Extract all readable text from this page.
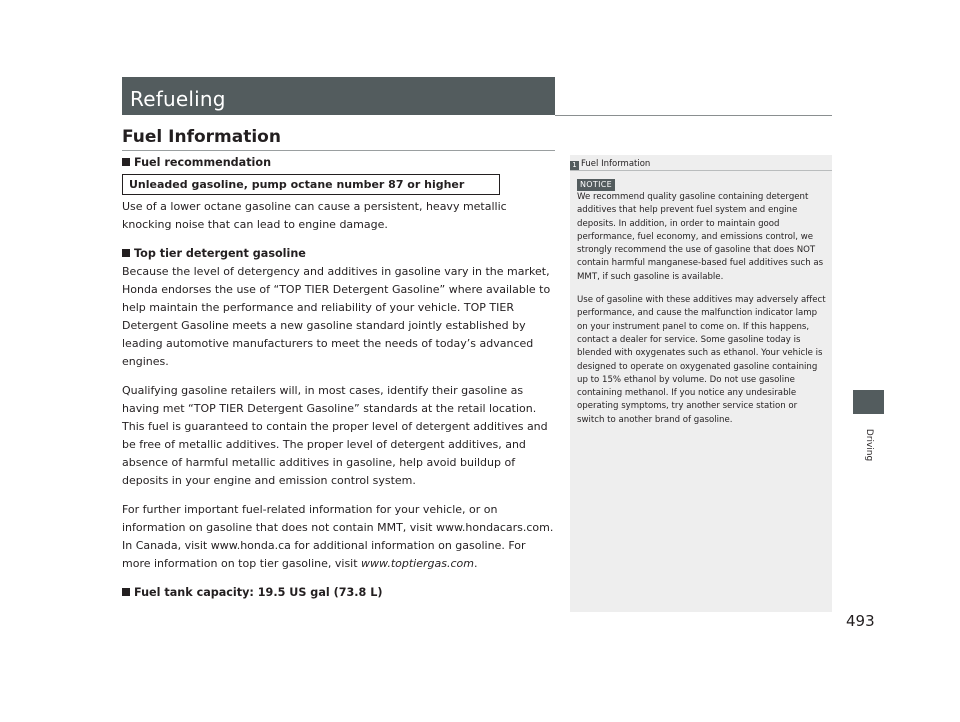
Refueling
Fuel Information
Fuel recommendation
Unleaded gasoline, pump octane number 87 or higher

Use of a lower octane gasoline can cause a persistent, heavy metallic knocking noise that can lead to engine damage.

Top tier detergent gasoline

Because the level of detergency and additives in gasoline vary in the market, Honda endorses the use of “TOP TIER Detergent Gasoline” where available to help maintain the performance and reliability of your vehicle. TOP TIER Detergent Gasoline meets a new gasoline standard jointly established by leading automotive manufacturers to meet the needs of today’s advanced engines.

Qualifying gasoline retailers will, in most cases, identify their gasoline as having met “TOP TIER Detergent Gasoline” standards at the retail location. This fuel is guaranteed to contain the proper level of detergent additives and be free of metallic additives. The proper level of detergent additives, and absence of harmful metallic additives in gasoline, help avoid buildup of deposits in your engine and emission control system.

For further important fuel-related information for your vehicle, or on information on gasoline that does not contain MMT, visit www.hondacars.com. In Canada, visit www.honda.ca for additional information on gasoline. For more information on top tier gasoline, visit www.toptiergas.com.

Fuel tank capacity: 19.5 US gal (73.8 L)
1 Fuel Information
NOTICE

We recommend quality gasoline containing detergent additives that help prevent fuel system and engine deposits. In addition, in order to maintain good performance, fuel economy, and emissions control, we strongly recommend the use of gasoline that does NOT contain harmful manganese-based fuel additives such as MMT, if such gasoline is available.

Use of gasoline with these additives may adversely affect performance, and cause the malfunction indicator lamp on your instrument panel to come on. If this happens, contact a dealer for service. Some gasoline today is blended with oxygenates such as ethanol. Your vehicle is designed to operate on oxygenated gasoline containing up to 15% ethanol by volume. Do not use gasoline containing methanol. If you notice any undesirable operating symptoms, try another service station or switch to another brand of gasoline.

Driving
493
